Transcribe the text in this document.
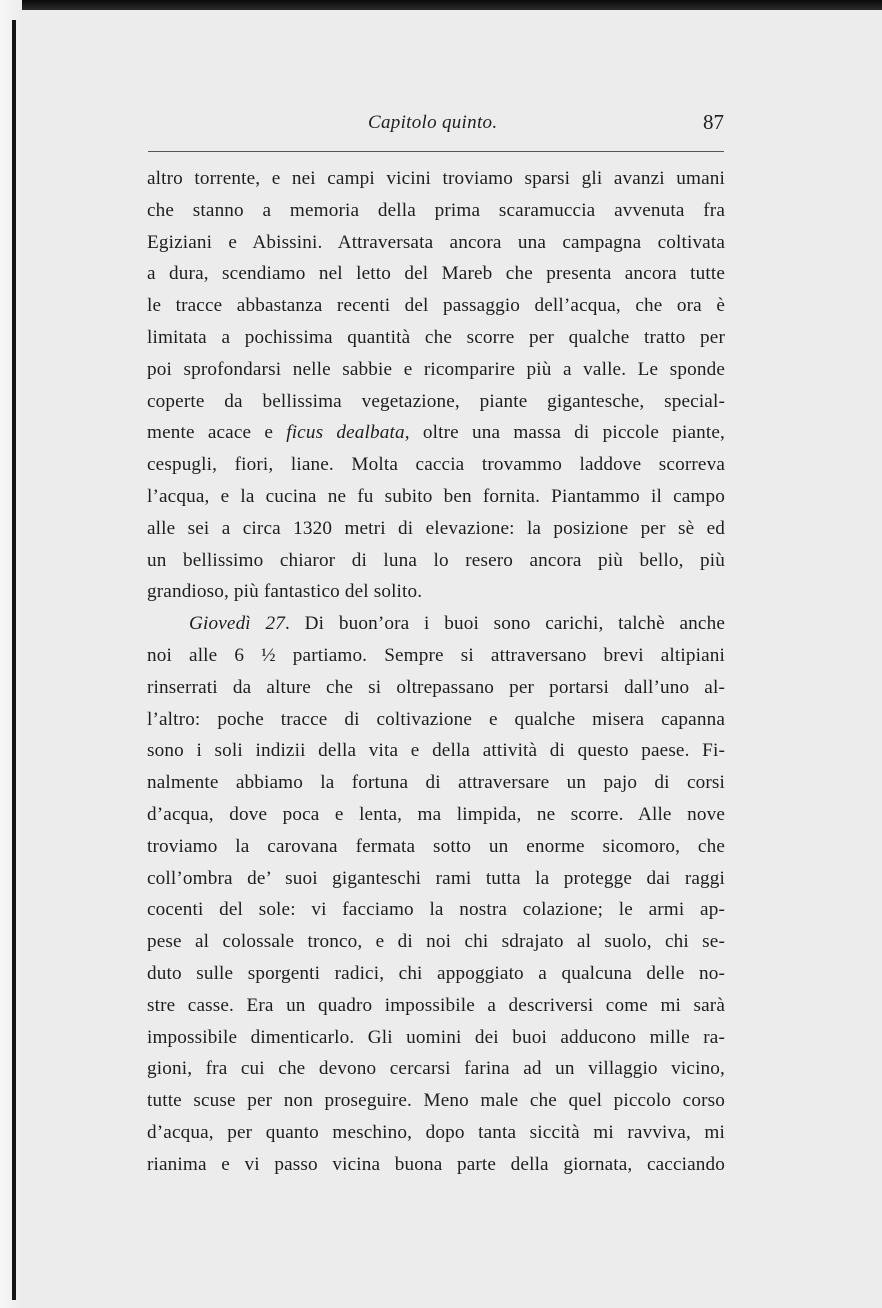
Capitolo quinto.	87
altro torrente, e nei campi vicini troviamo sparsi gli avanzi umani
che stanno a memoria della prima scaramuccia avvenuta fra
Egiziani e Abissini. Attraversata ancora una campagna coltivata
a dura, scendiamo nel letto del Mareb che presenta ancora tutte
le tracce abbastanza recenti del passaggio dell’acqua, che ora è
limitata a pochissima quantità che scorre per qualche tratto per
poi sprofondarsi nelle sabbie e ricomparire più a valle. Le sponde
coperte da bellissima vegetazione, piante gigantesche, special-
mente acace e ficus dealbata, oltre una massa di piccole piante,
cespugli, fiori, liane. Molta caccia trovammo laddove scorreva
l’acqua, e la cucina ne fu subito ben fornita. Piantammo il campo
alle sei a circa 1320 metri di elevazione: la posizione per sè ed
un bellissimo chiaror di luna lo resero ancora più bello, più
grandioso, più fantastico del solito.
Giovedì 27. Di buon’ora i buoi sono carichi, talchè anche
noi alle 6 ½ partiamo. Sempre si attraversano brevi altipiani
rinserrati da alture che si oltrepassano per portarsi dall’uno al-
l’altro: poche tracce di coltivazione e qualche misera capanna
sono i soli indizii della vita e della attività di questo paese. Fi-
nalmente abbiamo la fortuna di attraversare un pajo di corsi
d’acqua, dove poca e lenta, ma limpida, ne scorre. Alle nove
troviamo la carovana fermata sotto un enorme sicomoro, che
coll’ombra de’ suoi giganteschi rami tutta la protegge dai raggi
cocenti del sole: vi facciamo la nostra colazione; le armi ap-
pese al colossale tronco, e di noi chi sdrajato al suolo, chi se-
duto sulle sporgenti radici, chi appoggiato a qualcuna delle no-
stre casse. Era un quadro impossibile a descriversi come mi sarà
impossibile dimenticarlo. Gli uomini dei buoi adducono mille ra-
gioni, fra cui che devono cercarsi farina ad un villaggio vicino,
tutte scuse per non proseguire. Meno male che quel piccolo corso
d’acqua, per quanto meschino, dopo tanta siccità mi ravviva, mi
rianima e vi passo vicina buona parte della giornata, cacciando
